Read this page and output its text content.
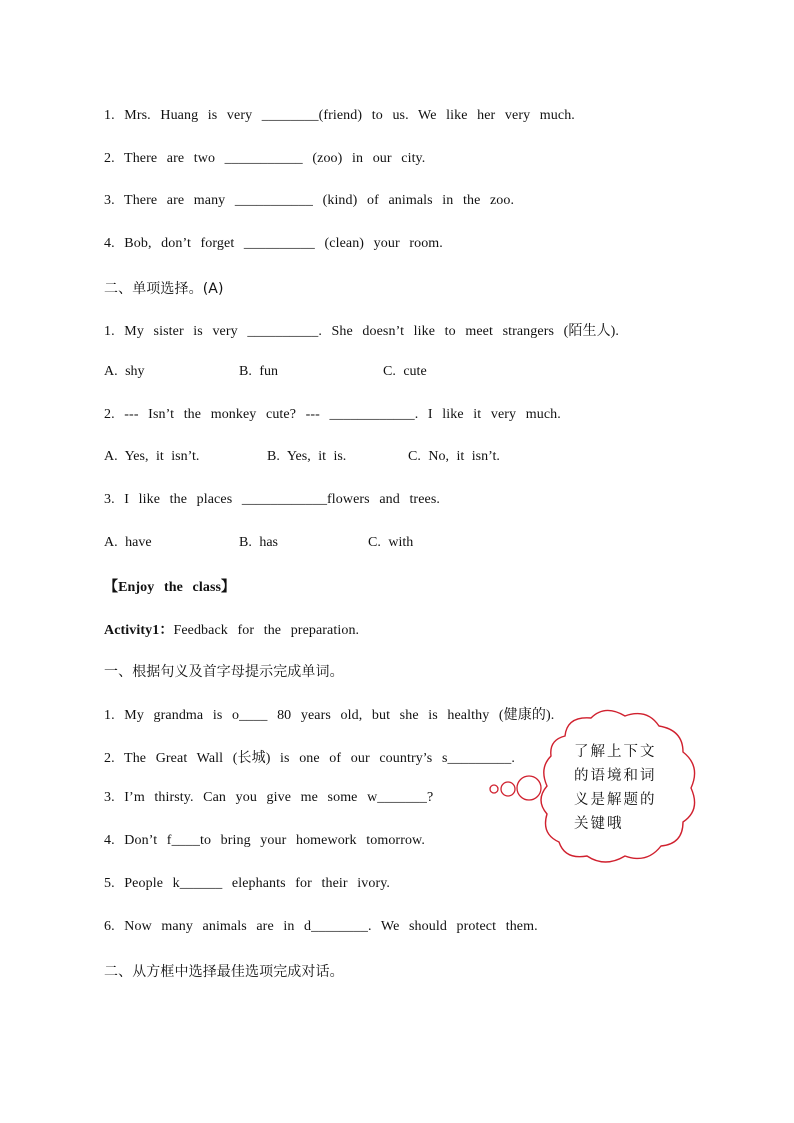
1. Mrs. Huang is very ________(friend) to us. We like her very much.
2. There are two ___________ (zoo) in our city.
3. There are many ___________ (kind) of animals in the zoo.
4. Bob, don’t forget __________ (clean) your room.
二、单项选择。(A)
1. My sister is very __________. She doesn’t like to meet strangers (陌生人).
A. shy	B. fun	C. cute
2. --- Isn’t the monkey cute? --- ____________. I like it very much.
A. Yes, it isn’t.	B. Yes, it is.	C. No, it isn’t.
3. I like the places ____________flowers and trees.
A. have	B. has	C. with
【Enjoy the class】
Activity1：Feedback for the preparation.
一、根据句义及首字母提示完成单词。
1. My grandma is o____ 80 years old, but she is healthy (健康的).
2. The Great Wall (长城) is one of our country’s s_________.
3. I’m thirsty. Can you give me some w_______?
4. Don’t f____to bring your homework tomorrow.
5. People k______ elephants for their ivory.
6. Now many animals are in d________. We should protect them.
二、从方框中选择最佳选项完成对话。
了解上下文的语境和词义是解题的关键哦
